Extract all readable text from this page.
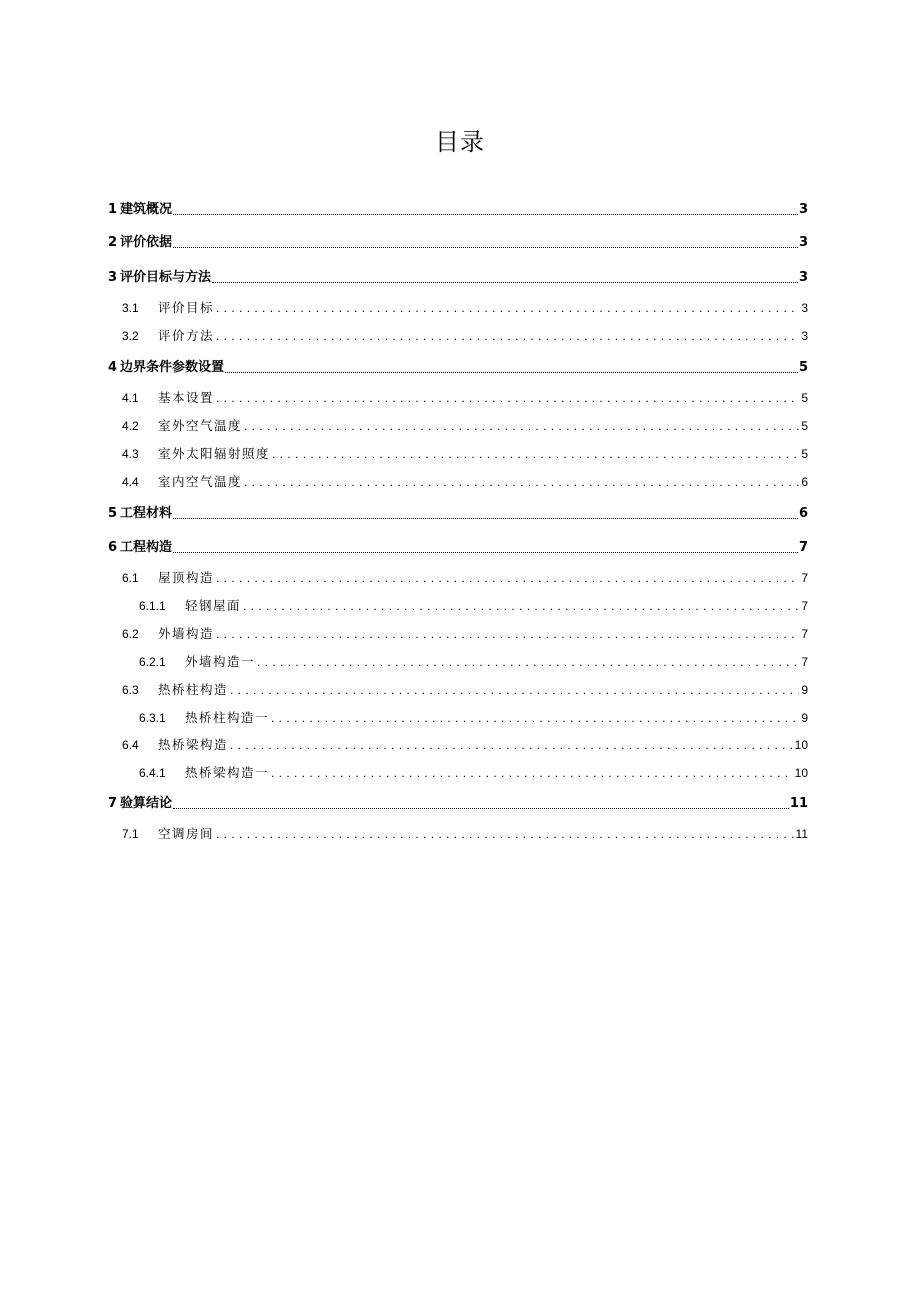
目录
1 建筑概况	3
2 评价依据	3
3 评价目标与方法	3
3.1	评价目标 . . .	3
3.2	评价方法 . . .	3
4 边界条件参数设置	5
4.1	基本设置 . . .	5
4.2	室外空气温度 . . .	5
4.3	室外太阳辐射照度 . . .	5
4.4	室内空气温度 . . .	6
5 工程材料	6
6 工程构造	7
6.1	屋顶构造 . . .	7
6.1.1	轻钢屋面 . . .	7
6.2	外墙构造 . . .	7
6.2.1	外墙构造一 . . .	7
6.3	热桥柱构造 . . .	9
6.3.1	热桥柱构造一 . . .	9
6.4	热桥梁构造 . . .	10
6.4.1	热桥梁构造一 . . .	10
7 验算结论	11
7.1	空调房间 . . .	11
